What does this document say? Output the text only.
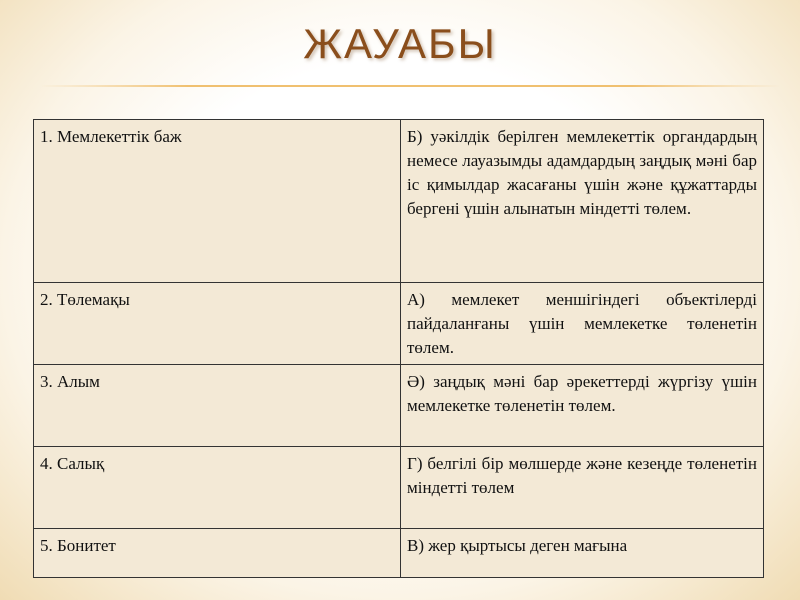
ЖАУАБЫ
1. Мемлекеттік баж	Б) уәкілдік берілген мемлекеттік органдардың немесе лауазымды адамдардың заңдық мәні бар іс қимылдар жасағаны үшін және құжаттарды бергені үшін алынатын міндетті төлем.
2. Төлемақы	А) мемлекет меншігіндегі объектілерді пайдаланғаны үшін мемлекетке төленетін төлем.
3. Алым	Ә) заңдық мәні бар әрекеттерді жүргізу үшін мемлекетке төленетін төлем.
4. Салық	Г) белгілі бір мөлшерде және кезеңде төленетін міндетті төлем
5. Бонитет	В) жер қыртысы деген мағына
